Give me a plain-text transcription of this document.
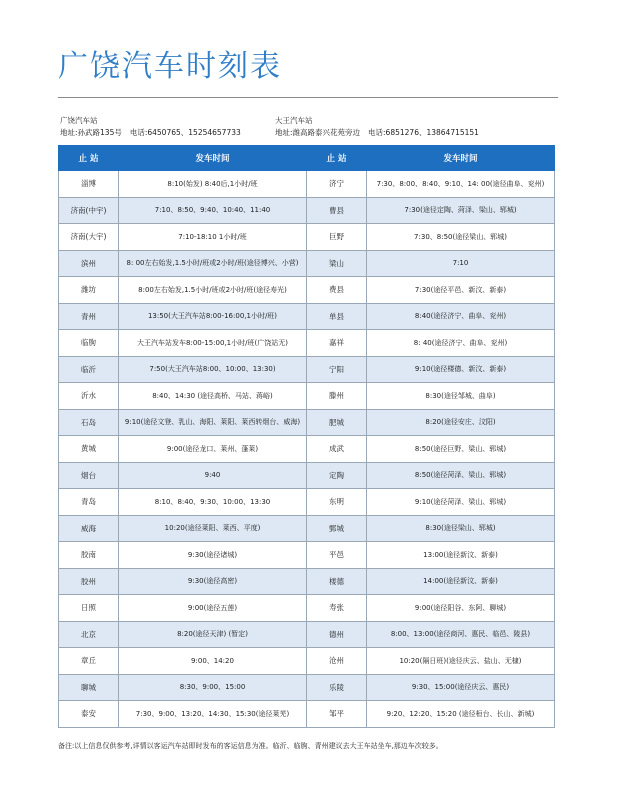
广饶汽车时刻表
广饶汽车站
地址:孙武路135号 电话:6450765、15254657733
大王汽车站
地址:潍高路泰兴花苑旁边 电话:6851276、13864715151
止 站	发车时间	止 站	发车时间
淄博	8:10(始发) 8:40后,1小时/班	济宁	7:30、8:00、8:40、9:10、14: 00(途径曲阜、兖州)
济南(中宇)	7:10、8:50、9:40、10:40、11:40	曹县	7:30(途径定陶、菏泽、梁山、郓城)
济南(大宇)	7:10-18:10 1小时/班	巨野	7:30、8:50(途径梁山、郓城)
滨州	8: 00左右始发,1.5小时/班或2小时/班(途径博兴、小营)	梁山	7:10
潍坊	8:00左右始发,1.5小时/班或2小时/班(途径寿光)	费县	7:30(途径平邑、新汶、新泰)
青州	13:50(大王汽车站8:00-16:00,1小时/班)	单县	8:40(途径济宁、曲阜、兖州)
临朐	大王汽车站发车8:00-15:00,1小时/班(广饶站无)	嘉祥	8: 40(途径济宁、曲阜、兖州)
临沂	7:50(大王汽车站8:00、10:00、13:30)	宁阳	9:10(途径楼德、新汶、新泰)
沂水	8:40、14:30 (途径高桥、马站、蒋峪)	滕州	8:30(途径邹城、曲阜)
石岛	9:10(途径文登、乳山、海阳、莱阳、莱西转烟台、威海)	肥城	8:20(途径安庄、汶阳)
黄城	9:00(途径龙口、莱州、蓬莱)	成武	8:50(途径巨野、梁山、郓城)
烟台	9:40	定陶	8:50(途径菏泽、梁山、郓城)
青岛	8:10、8:40、9:30、10:00、13:30	东明	9:10(途径菏泽、梁山、郓城)
威海	10:20(途径莱阳、莱西、平度)	鄄城	8:30(途径梁山、郓城)
胶南	9:30(途径诸城)	平邑	13:00(途径新汶、新泰)
胶州	9:30(途径高密)	楼德	14:00(途径新汶、新泰)
日照	9:00(途径五莲)	寿张	9:00(途径阳谷、东阿、聊城)
北京	8:20(途径天津) (暂定)	德州	8:00、13:00(途径商河、惠民、临邑、陵县)
章丘	9:00、14:20	沧州	10:20(隔日班)(途径庆云、盐山、无棣)
聊城	8:30、9:00、15:00	乐陵	9:30、15:00(途径庆云、惠民)
泰安	7:30、9:00、13:20、14:30、15:30(途径莱芜)	邹平	9:20、12:20、15:20 (途径桓台、长山、新城)
备注:以上信息仅供参考,详情以客运汽车站即时发布的客运信息为准。临沂、临朐、青州建议去大王车站坐车,那边车次较多。
